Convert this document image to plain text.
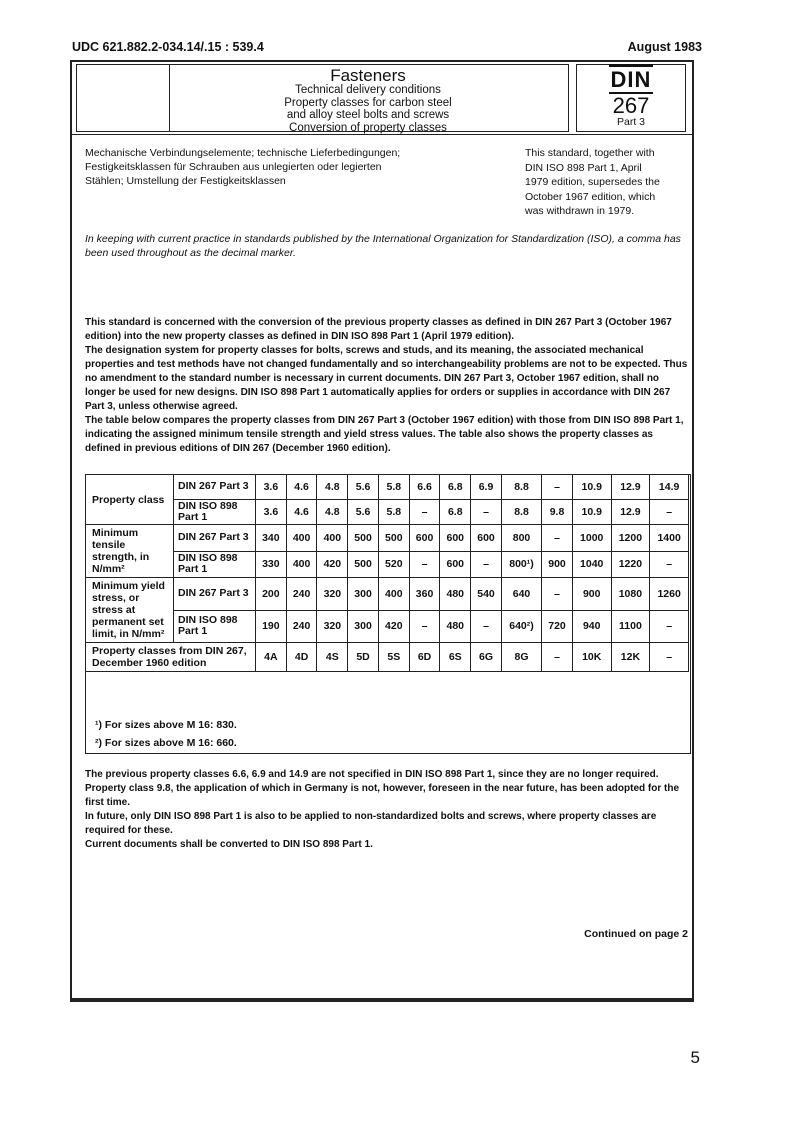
UDC 621.882.2-034.14/.15 : 539.4	August 1983
Fasteners
Technical delivery conditions
Property classes for carbon steel
and alloy steel bolts and screws
Conversion of property classes
DIN
267
Part 3
Mechanische Verbindungselemente; technische Lieferbedingungen;
Festigkeitsklassen für Schrauben aus unlegierten oder legierten
Stählen; Umstellung der Festigkeitsklassen
This standard, together with
DIN ISO 898 Part 1, April
1979 edition, supersedes the
October 1967 edition, which
was withdrawn in 1979.
In keeping with current practice in standards published by the International Organization for Standardization (ISO), a comma has been used throughout as the decimal marker.

This standard is concerned with the conversion of the previous property classes as defined in DIN 267 Part 3 (October 1967 edition) into the new property classes as defined in DIN ISO 898 Part 1 (April 1979 edition).

The designation system for property classes for bolts, screws and studs, and its meaning, the associated mechanical properties and test methods have not changed fundamentally and so interchangeability problems are not to be expected. Thus no amendment to the standard number is necessary in current documents. DIN 267 Part 3, October 1967 edition, shall no longer be used for new designs. DIN ISO 898 Part 1 automatically applies for orders or supplies in accordance with DIN 267 Part 3, unless otherwise agreed.

The table below compares the property classes from DIN 267 Part 3 (October 1967 edition) with those from DIN ISO 898 Part 1, indicating the assigned minimum tensile strength and yield stress values. The table also shows the property classes as defined in previous editions of DIN 267 (December 1960 edition).

Property class	DIN 267 Part 3	3.6	4.6	4.8	5.6	5.8	6.6	6.8	6.9	8.8	–	10.9	12.9	14.9
	DIN ISO 898 Part 1	3.6	4.6	4.8	5.6	5.8	–	6.8	–	8.8	9.8	10.9	12.9	–
Minimum tensile strength, in N/mm²	DIN 267 Part 3	340	400	400	500	500	600	600	600	800	–	1000	1200	1400
	DIN ISO 898 Part 1	330	400	420	500	520	–	600	–	800¹)	900	1040	1220	–
Minimum yield stress, or stress at permanent set limit, in N/mm²	DIN 267 Part 3	200	240	320	300	400	360	480	540	640	–	900	1080	1260
	DIN ISO 898 Part 1	190	240	320	300	420	–	480	–	640²)	720	940	1100	–
Property classes from DIN 267, December 1960 edition		4A	4D	4S	5D	5S	6D	6S	6G	8G	–	10K	12K	–
¹) For sizes above M 16: 830.
²) For sizes above M 16: 660.

The previous property classes 6.6, 6.9 and 14.9 are not specified in DIN ISO 898 Part 1, since they are no longer required. Property class 9.8, the application of which in Germany is not, however, foreseen in the near future, has been adopted for the first time.

In future, only DIN ISO 898 Part 1 is also to be applied to non-standardized bolts and screws, where property classes are required for these.

Current documents shall be converted to DIN ISO 898 Part 1.

Continued on page 2
5
